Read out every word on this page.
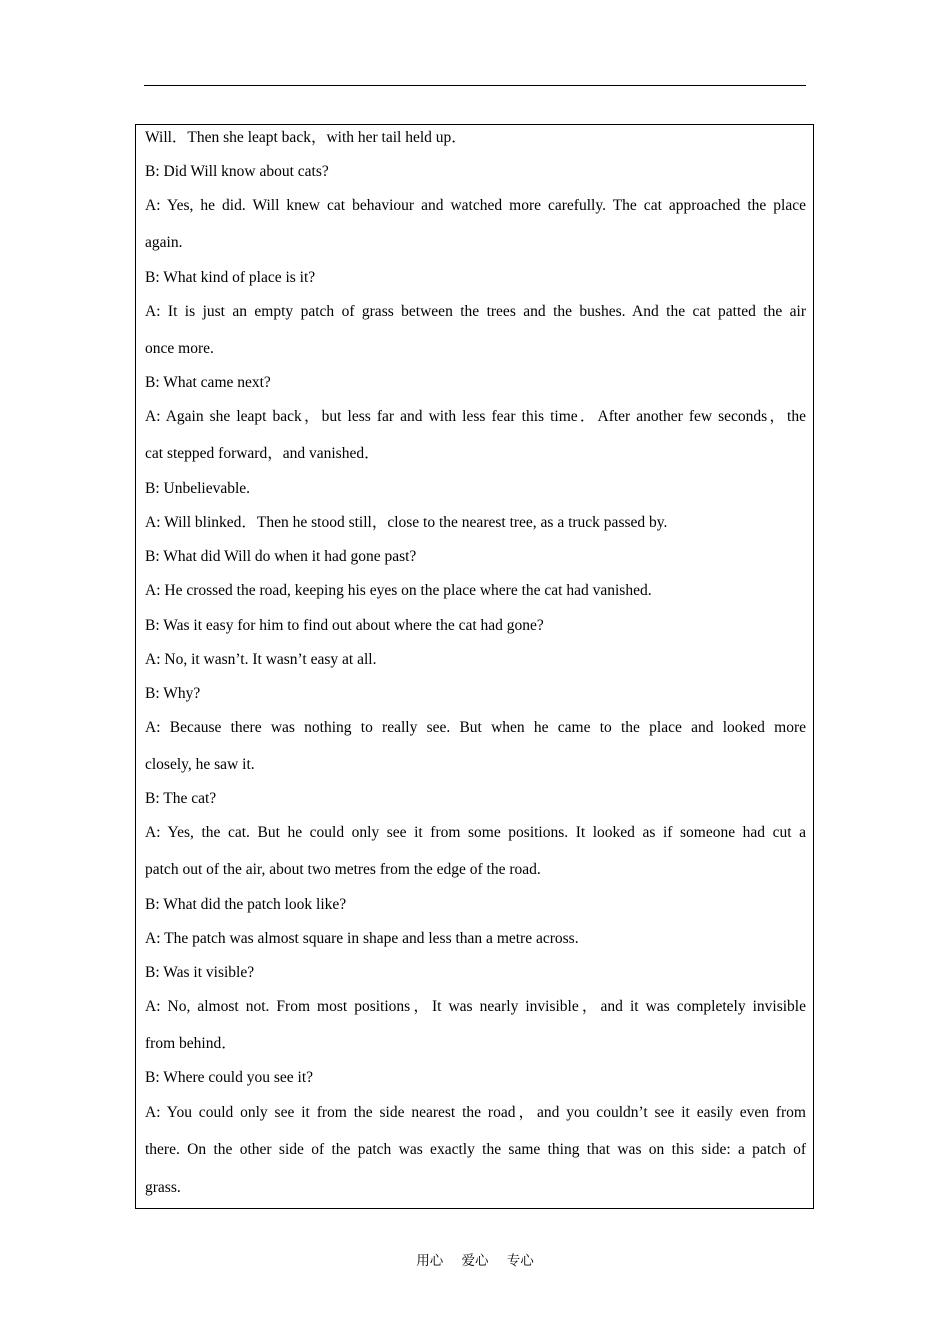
Will．Then she leapt back，with her tail held up．
B: Did Will know about cats?
A: Yes, he did. Will knew cat behaviour and watched more carefully. The cat approached the place
again.
B: What kind of place is it?
A: It is just an empty patch of grass between the trees and the bushes. And the cat patted the air
once more.
B: What came next?
A: Again she leapt back，but less far and with less fear this time．After another few seconds，the
cat stepped forward，and vanished．
B: Unbelievable.
A: Will blinked．Then he stood still，close to the nearest tree, as a truck passed by.
B: What did Will do when it had gone past?
A: He crossed the road, keeping his eyes on the place where the cat had vanished.
B: Was it easy for him to find out about where the cat had gone?
A: No, it wasn’t. It wasn’t easy at all.
B: Why?
A: Because there was nothing to really see. But when he came to the place and looked more
closely, he saw it.
B: The cat?
A: Yes, the cat. But he could only see it from some positions. It looked as if someone had cut a
patch out of the air, about two metres from the edge of the road.
B: What did the patch look like?
A: The patch was almost square in shape and less than a metre across.
B: Was it visible?
A: No, almost not. From most positions，It was nearly invisible，and it was completely invisible
from behind．
B: Where could you see it?
A: You could only see it from the side nearest the road，and you couldn’t see it easily even from
there. On the other side of the patch was exactly the same thing that was on this side: a patch of
grass.
用心 爱心 专心
